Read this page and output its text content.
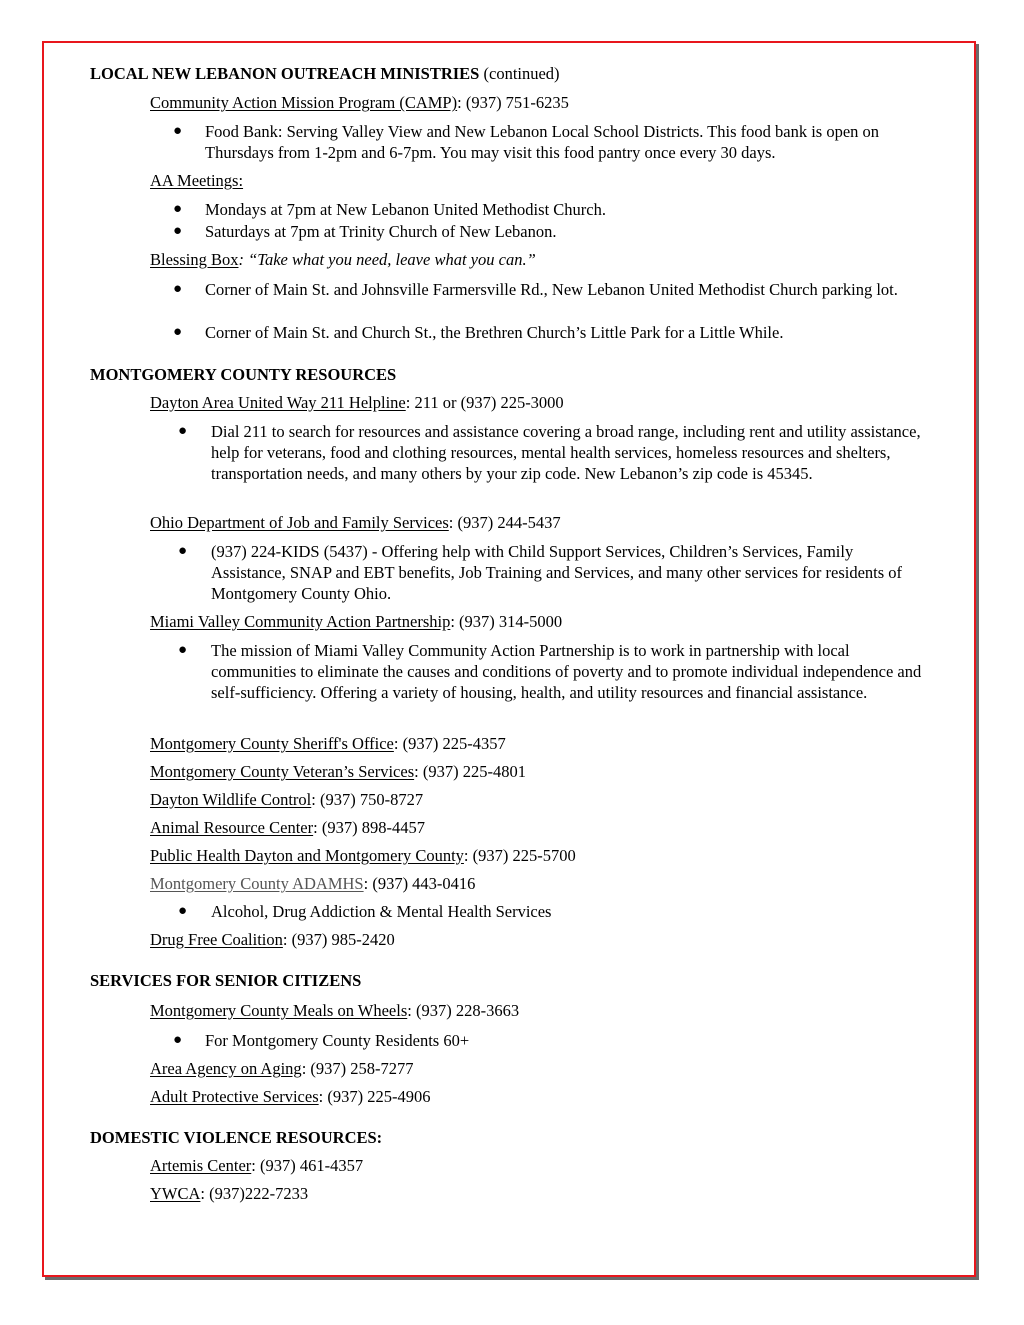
LOCAL NEW LEBANON OUTREACH MINISTRIES (continued)
Community Action Mission Program (CAMP): (937) 751-6235
● Food Bank: Serving Valley View and New Lebanon Local School Districts. This food bank is open on Thursdays from 1-2pm and 6-7pm. You may visit this food pantry once every 30 days.
AA Meetings:
● Mondays at 7pm at New Lebanon United Methodist Church.
● Saturdays at 7pm at Trinity Church of New Lebanon.
Blessing Box: “Take what you need, leave what you can.”
● Corner of Main St. and Johnsville Farmersville Rd., New Lebanon United Methodist Church parking lot.
● Corner of Main St. and Church St., the Brethren Church’s Little Park for a Little While.
MONTGOMERY COUNTY RESOURCES
Dayton Area United Way 211 Helpline: 211 or (937) 225-3000
● Dial 211 to search for resources and assistance covering a broad range, including rent and utility assistance, help for veterans, food and clothing resources, mental health services, homeless resources and shelters, transportation needs, and many others by your zip code. New Lebanon’s zip code is 45345.
Ohio Department of Job and Family Services: (937) 244-5437
● (937) 224-KIDS (5437) - Offering help with Child Support Services, Children’s Services, Family Assistance, SNAP and EBT benefits, Job Training and Services, and many other services for residents of Montgomery County Ohio.
Miami Valley Community Action Partnership: (937) 314-5000
● The mission of Miami Valley Community Action Partnership is to work in partnership with local communities to eliminate the causes and conditions of poverty and to promote individual independence and self-sufficiency. Offering a variety of housing, health, and utility resources and financial assistance.
Montgomery County Sheriff's Office: (937) 225-4357
Montgomery County Veteran’s Services: (937) 225-4801
Dayton Wildlife Control: (937) 750-8727
Animal Resource Center: (937) 898-4457
Public Health Dayton and Montgomery County: (937) 225-5700
Montgomery County ADAMHS: (937) 443-0416
● Alcohol, Drug Addiction & Mental Health Services
Drug Free Coalition: (937) 985-2420
SERVICES FOR SENIOR CITIZENS
Montgomery County Meals on Wheels: (937) 228-3663
● For Montgomery County Residents 60+
Area Agency on Aging: (937) 258-7277
Adult Protective Services: (937) 225-4906
DOMESTIC VIOLENCE RESOURCES:
Artemis Center: (937) 461-4357
YWCA: (937)222-7233
